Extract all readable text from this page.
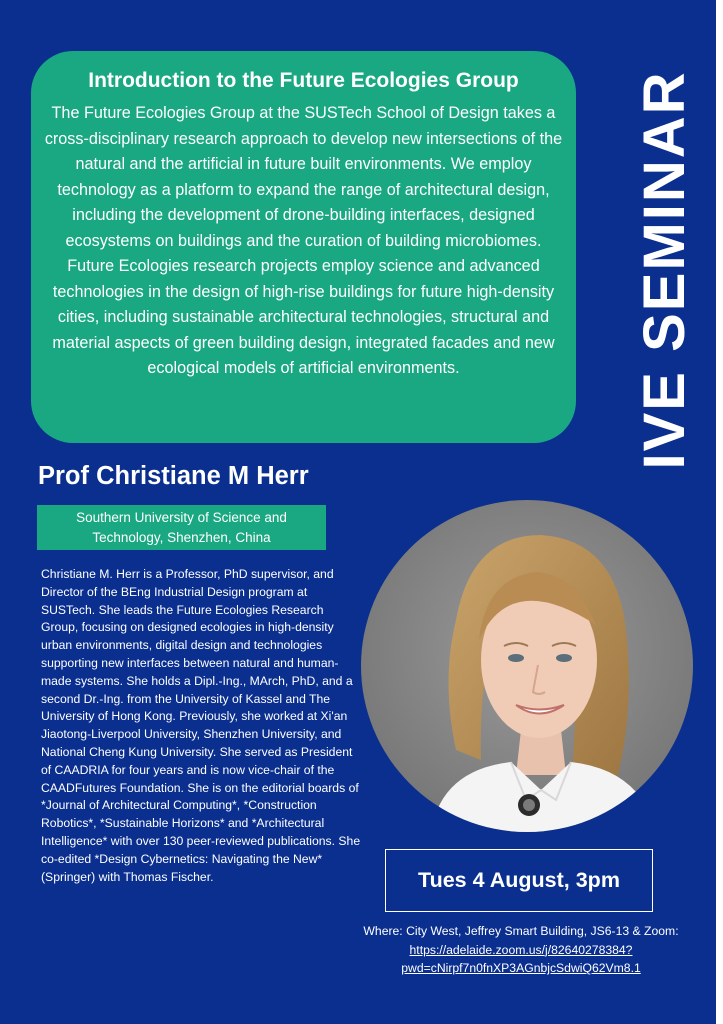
Introduction to the Future Ecologies Group
The Future Ecologies Group at the SUSTech School of Design takes a cross-disciplinary research approach to develop new intersections of the natural and the artificial in future built environments. We employ technology as a platform to expand the range of architectural design, including the development of drone-building interfaces, designed ecosystems on buildings and the curation of building microbiomes. Future Ecologies research projects employ science and advanced technologies in the design of high-rise buildings for future high-density cities, including sustainable architectural technologies, structural and material aspects of green building design, integrated facades and new ecological models of artificial environments.	IVE SEMINAR
Prof Christiane M Herr
Southern University of Science and Technology, Shenzhen, China
Christiane M. Herr is a Professor, PhD supervisor, and Director of the BEng Industrial Design program at SUSTech. She leads the Future Ecologies Research Group, focusing on designed ecologies in high-density urban environments, digital design and technologies supporting new interfaces between natural and human-made systems. She holds a Dipl.-Ing., MArch, PhD, and a second Dr.-Ing. from the University of Kassel and The University of Hong Kong. Previously, she worked at Xi'an Jiaotong-Liverpool University, Shenzhen University, and National Cheng Kung University. She served as President of CAADRIA for four years and is now vice-chair of the CAADFutures Foundation. She is on the editorial boards of *Journal of Architectural Computing*, *Construction Robotics*, *Sustainable Horizons* and *Architectural Intelligence* with over 130 peer-reviewed publications. She co-edited *Design Cybernetics: Navigating the New* (Springer) with Thomas Fischer.	Tues 4 August, 3pm
Where: City West, Jeffrey Smart Building, JS6-13 & Zoom: https://adelaide.zoom.us/j/82640278384?pwd=cNirpf7n0fnXP3AGnbjcSdwiQ62Vm8.1
